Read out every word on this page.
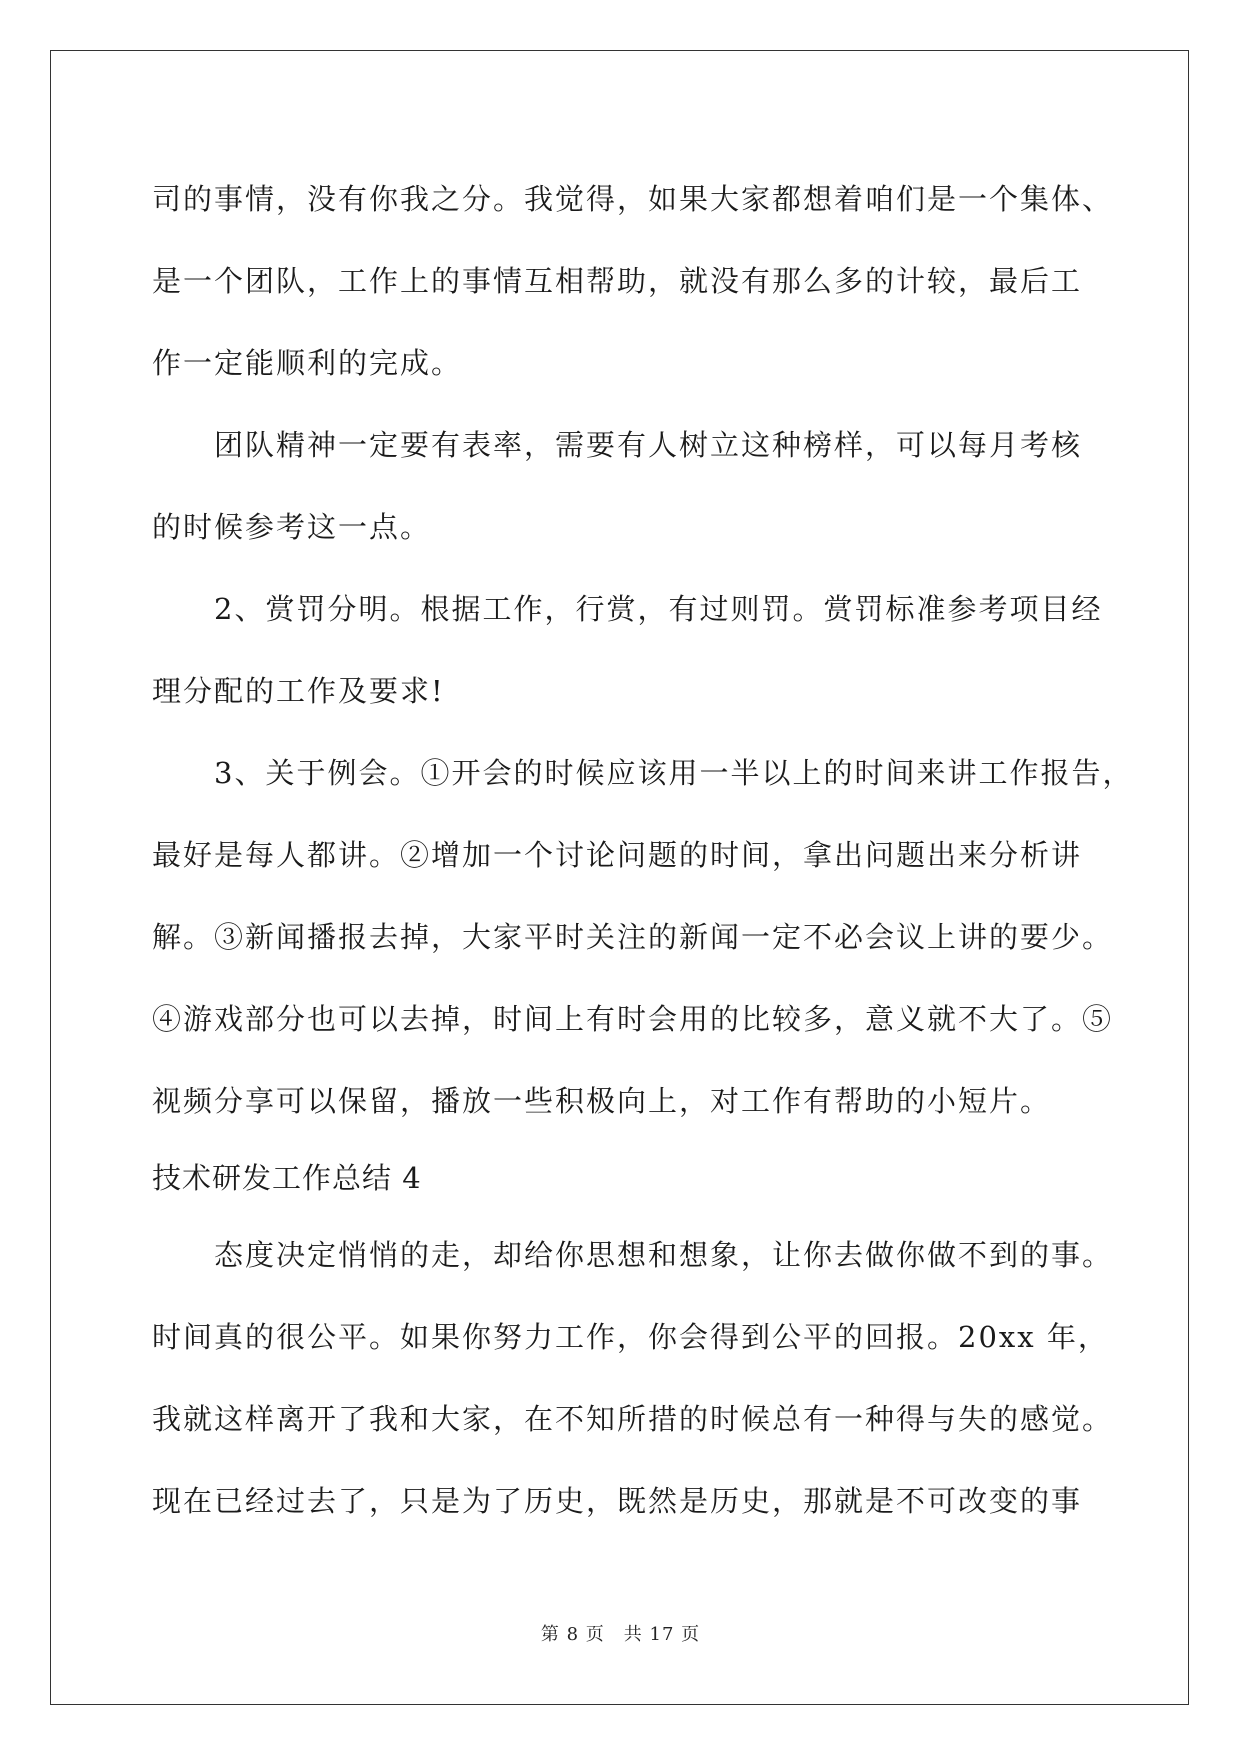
司的事情，没有你我之分。我觉得，如果大家都想着咱们是一个集体、
是一个团队，工作上的事情互相帮助，就没有那么多的计较，最后工
作一定能顺利的完成。
团队精神一定要有表率，需要有人树立这种榜样，可以每月考核
的时候参考这一点。
2、赏罚分明。根据工作，行赏，有过则罚。赏罚标准参考项目经
理分配的工作及要求!
3、关于例会。①开会的时候应该用一半以上的时间来讲工作报告，
最好是每人都讲。②增加一个讨论问题的时间，拿出问题出来分析讲
解。③新闻播报去掉，大家平时关注的新闻一定不必会议上讲的要少。
④游戏部分也可以去掉，时间上有时会用的比较多，意义就不大了。⑤
视频分享可以保留，播放一些积极向上，对工作有帮助的小短片。
技术研发工作总结 4
态度决定悄悄的走，却给你思想和想象，让你去做你做不到的事。
时间真的很公平。如果你努力工作，你会得到公平的回报。20xx 年，
我就这样离开了我和大家，在不知所措的时候总有一种得与失的感觉。
现在已经过去了，只是为了历史，既然是历史，那就是不可改变的事
第 8 页　共 17 页
